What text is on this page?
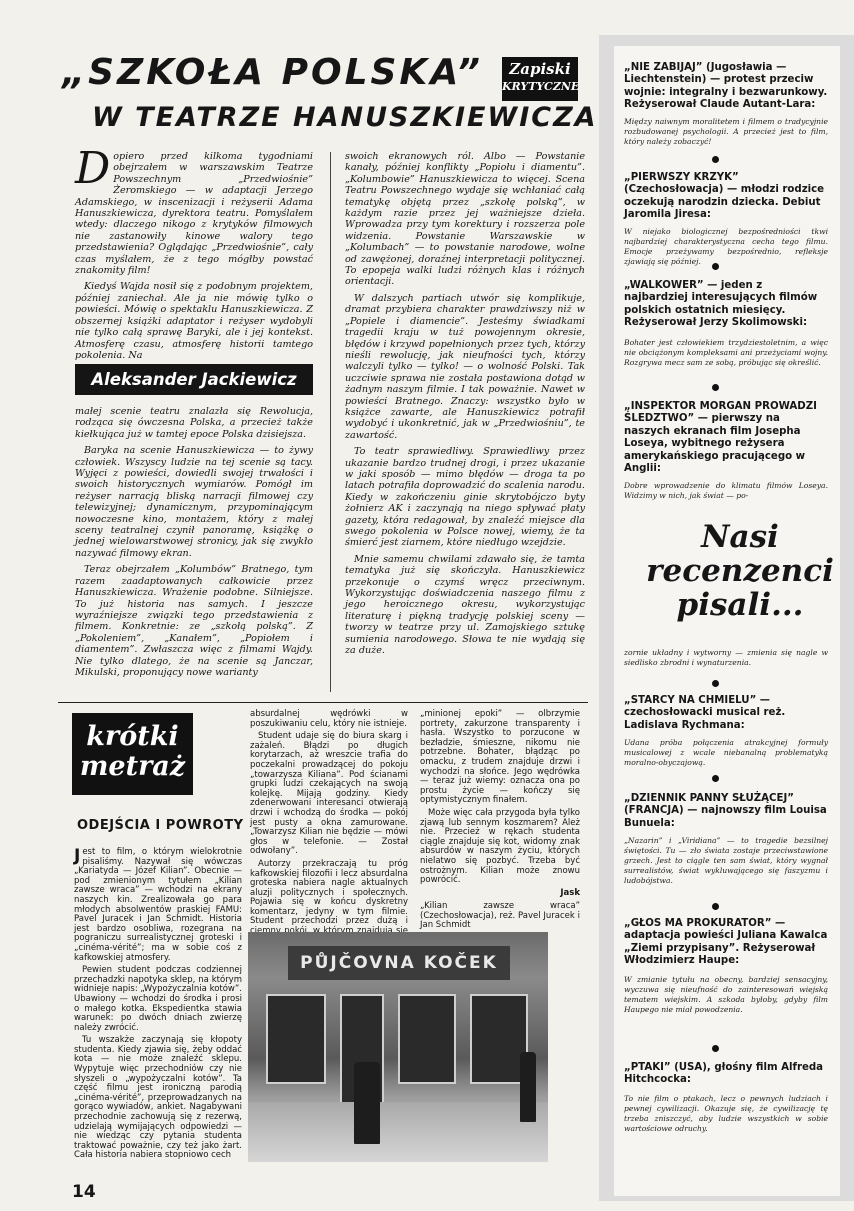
„SZKOŁA POLSKA”
W TEATRZE HANUSZKIEWICZA
Zapiski
KRYTYCZNE

Dopiero przed kilkoma tygodniami obejrzałem w warszawskim Teatrze Powszechnym „Przedwiośnie” Żeromskiego — w adaptacji Jerzego Adamskiego, w inscenizacji i reżyserii Adama Hanuszkiewicza, dyrektora teatru. Pomyślałem wtedy: dlaczego nikogo z krytyków filmowych nie zastanowiły kinowe walory tego przedstawienia? Oglądając „Przedwiośnie”, cały czas myślałem, że z tego mógłby powstać znakomity film!

Kiedyś Wajda nosił się z podobnym projektem, później zaniechał. Ale ja nie mówię tylko o powieści. Mówię o spektaklu Hanuszkiewicza. Z obszernej książki adaptator i reżyser wydobyli nie tylko całą sprawę Baryki, ale i jej kontekst. Atmosferę czasu, atmosferę historii tamtego pokolenia. Na

Aleksander Jackiewicz

małej scenie teatru znalazła się Rewolucja, rodząca się ówczesna Polska, a przecież także kiełkująca już w tamtej epoce Polska dzisiejsza.

Baryka na scenie Hanuszkiewicza — to żywy człowiek. Wszyscy ludzie na tej scenie są tacy. Wyjęci z powieści, dowiedli swojej trwałości i swoich historycznych wymiarów. Pomógł im reżyser narracją bliską narracji filmowej czy telewizyjnej; dynamicznym, przypominającym nowoczesne kino, montażem, który z małej sceny teatralnej czynił panoramę, książkę o jednej wielowarstwowej stronicy, jak się zwykło nazywać filmowy ekran.

Teraz obejrzałem „Kolumbów” Bratnego, tym razem zaadaptowanych całkowicie przez Hanuszkiewicza. Wrażenie podobne. Silniejsze. To już historia nas samych. I jeszcze wyraźniejsze związki tego przedstawienia z filmem. Konkretnie: ze „szkołą polską”. Z „Pokoleniem”, „Kanałem”, „Popiołem i diamentem”. Zwłaszcza więc z filmami Wajdy. Nie tylko dlatego, że na scenie są Janczar, Mikulski, proponujący nowe warianty

swoich ekranowych ról. Albo — Powstanie kanały, później konflikty „Popiołu i diamentu”. „Kolumbowie” Hanuszkiewicza to więcej. Scena Teatru Powszechnego wydaje się wchłaniać całą tematykę objętą przez „szkołę polską”, w każdym razie przez jej ważniejsze dzieła. Wprowadza przy tym korektury i rozszerza pole widzenia. Powstanie Warszawskie w „Kolumbach” — to powstanie narodowe, wolne od zawężonej, doraźnej interpretacji politycznej. To epopeja walki ludzi różnych klas i różnych orientacji.

W dalszych partiach utwór się komplikuje, dramat przybiera charakter prawdziwszy niż w „Popiele i diamencie”. Jesteśmy świadkami tragedii kraju w tuż powojennym okresie, błędów i krzywd popełnionych przez tych, którzy nieśli rewolucję, jak nieufności tych, którzy walczyli tylko — tylko! — o wolność Polski. Tak uczciwie sprawa nie została postawiona dotąd w żadnym naszym filmie. I tak poważnie. Nawet w powieści Bratnego. Znaczy: wszystko było w książce zawarte, ale Hanuszkiewicz potrafił wydobyć i ukonkretnić, jak w „Przedwiośniu”, te zawartość.

To teatr sprawiedliwy. Sprawiedliwy przez ukazanie bardzo trudnej drogi, i przez ukazanie w jaki sposób — mimo błędów — droga ta po latach potrafiła doprowadzić do scalenia narodu. Kiedy w zakończeniu ginie skrytobójczo byty żołnierz AK i zaczynają na niego spływać płaty gazety, która redagował, by znaleźć miejsce dla swego pokolenia w Polsce nowej, wiemy, że ta śmierć jest ziarnem, które niedługo wzejdzie.

Mnie samemu chwilami zdawało się, że tamta tematyka już się skończyła. Hanuszkiewicz przekonuje o czymś wręcz przeciwnym. Wykorzystując doświadczenia naszego filmu z jego heroicznego okresu, wykorzystując literaturę i piękną tradycję polskiej sceny — tworzy w teatrze przy ul. Zamojskiego sztukę sumienia narodowego. Słowa te nie wydają się za duże.

krótki
metraż
ODEJŚCIA I POWROTY

Jest to film, o którym wielokrotnie pisaliśmy. Nazywał się wówczas „Kariatyda — Józef Kilian”. Obecnie — pod zmienionym tytułem „Kilian zawsze wraca” — wchodzi na ekrany naszych kin. Zrealizowała go para młodych absolwentów praskiej FAMU: Pavel Juracek i Jan Schmidt. Historia jest bardzo osobliwa, rozegrana na pograniczu surrealistycznej groteski i „cinéma-vérité”; ma w sobie coś z kafkowskiej atmosfery.

Pewien student podczas codziennej przechadzki napotyka sklep, na którym widnieje napis: „Wypożyczalnia kotów”. Ubawiony — wchodzi do środka i prosi o małego kotka. Ekspedientka stawia warunek: po dwóch dniach zwierzę należy zwrócić.

Tu wszakże zaczynają się kłopoty studenta. Kiedy zjawia się, żeby oddać kota — nie może znaleźć sklepu. Wypytuje więc przechodniów czy nie słyszeli o „wypożyczalni kotów”. Ta część filmu jest ironiczną parodią „cinéma-vérité”, przeprowadzanych na gorąco wywiadów, ankiet. Nagabywani przechodnie zachowują się z rezerwą, udzielają wymijających odpowiedzi — nie wiedząc czy pytania studenta traktować poważnie, czy też jako żart. Cała historia nabiera stopniowo cech

absurdalnej wędrówki w poszukiwaniu celu, który nie istnieje.

Student udaje się do biura skarg i zażaleń. Błądzi po długich korytarzach, aż wreszcie trafia do poczekalni prowadzącej do pokoju „towarzysza Kiliana”. Pod ścianami grupki ludzi czekających na swoją kolejkę. Mijają godziny. Kiedy zdenerwowani interesanci otwierają drzwi i wchodzą do środka — pokój jest pusty a okna zamurowane. „Towarzysz Kilian nie będzie — mówi głos w telefonie. — Został odwołany”.

Autorzy przekraczają tu próg kafkowskiej filozofii i lecz absurdalna groteska nabiera nagle aktualnych aluzji politycznych i społecznych. Pojawia się w końcu dyskretny komentarz, jedyny w tym filmie. Student przechodzi przez dużą i

„minionej epoki” — olbrzymie portrety, zakurzone transparenty i hasła. Wszystko to porzucone w bezładzie, śmieszne, nikomu nie potrzebne. Bohater, błądząc po omacku, z trudem znajduje drzwi i wychodzi na słońce. Jego wędrówka — teraz już wiemy: oznacza ona po prostu życie — kończy się optymistycznym finałem.

Może więc cała przygoda była tylko zjawą lub sennym koszmarem? Ależ nie. Przecież w rękach studenta ciągle znajduje się kot, widomy znak absurdów w naszym życiu, których nielatwo się pozbyć. Trzeba być ostrożnym. Kilian może znowu powrócić.

Jask

„Kilian zawsze wraca” (Czechosłowacja), reż. Pavel Juracek i Jan Schmidt

PŮJČOVNA KOČEK
14
„NIE ZABIJAJ” (Jugosławia — Liechtenstein) — protest przeciw wojnie: integralny i bezwarunkowy. Reżyserował Claude Autant-Lara:
Między naiwnym moralitetem i filmem o tradycyjnie rozbudowanej psychologii. A przecież jest to film, który należy zobaczyć!
„PIERWSZY KRZYK” (Czechosłowacja) — młodzi rodzice oczekują narodzin dziecka. Debiut Jaromila Jiresa:
W niejako biologicznej bezpośredniości tkwi najbardziej charakterystyczna cecha tego filmu. Emocje przeżywamy bezpośrednio, refleksje zjawiają się później.
„WALKOWER” — jeden z najbardziej interesujących filmów polskich ostatnich miesięcy. Reżyserował Jerzy Skolimowski:
Bohater jest człowiekiem trzydziestoletnim, a więc nie obciążonym kompleksami ani przeżyciami wojny. Rozgrywa mecz sam ze sobą, próbując się określić.
„INSPEKTOR MORGAN PROWADZI ŚLEDZTWO” — pierwszy na naszych ekranach film Josepha Loseya, wybitnego reżysera amerykańskiego pracującego w Anglii:
Dobre wprowadzenie do klimatu filmów Loseya. Widzimy w nich, jak świat — po-
Nasi
recenzenci
pisali...
zornie układny i wytworny — zmienia się nagle w siedlisko zbrodni i wynaturzenia.
„STARCY NA CHMIELU” — czechosłowacki musical reż. Ladislava Rychmana:
Udana próba połączenia atrakcyjnej formuły musicalowej z wcale niebanalną problematyką moralno-obyczajową.
„DZIENNIK PANNY SŁUŻĄCEJ” (FRANCJA) — najnowszy film Louisa Bunuela:
„Nazarin” i „Viridiana” — to tragedie bezsilnej świętości. Tu — zło świata zostaje przeciwstawione grzech. Jest to ciągle ten sam świat, który wygnał surrealistów, świat wykluwającego się faszyzmu i ludobójstwa.
„GŁOS MA PROKURATOR” — adaptacja powieści Juliana Kawalca „Ziemi przypisany”. Reżyserował Włodzimierz Haupe:
W zmianie tytułu na obecny, bardziej sensacyjny, wyczuwa się nieufność do zainteresowań wiejską tematem wiejskim. A szkoda byłoby, gdyby film Haupego nie miał powodzenia.
„PTAKI” (USA), głośny film Alfreda Hitchcocka:
To nie film o ptakach, lecz o pewnych ludziach i pewnej cywilizacji. Okazuje się, że cywilizację tę trzeba zniszczyć, aby ludzie wszystkich w sobie wartościowe odruchy.
